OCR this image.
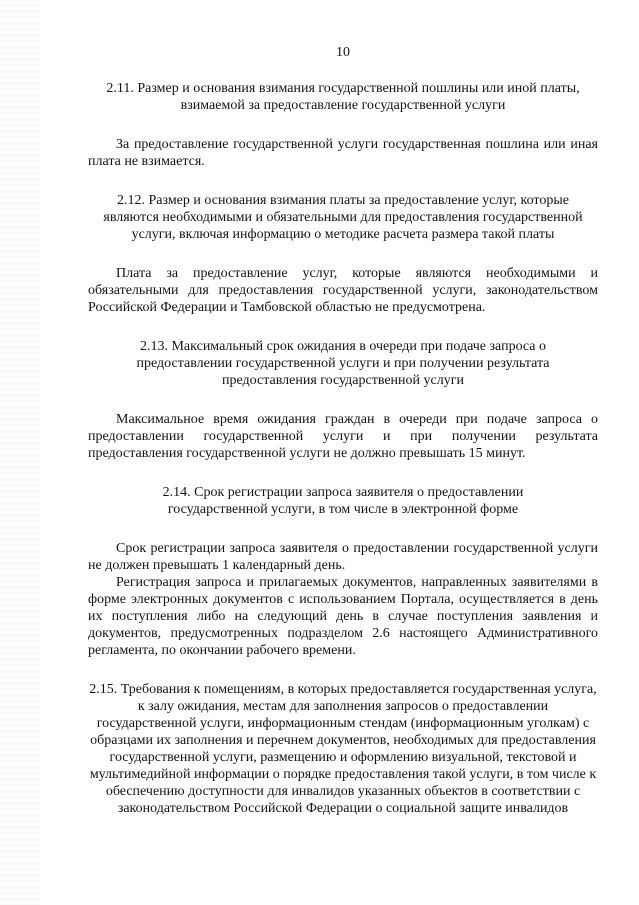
10
2.11. Размер и основания взимания государственной пошлины или иной платы, взимаемой за предоставление государственной услуги
За предоставление государственной услуги государственная пошлина или иная плата не взимается.
2.12. Размер и основания взимания платы за предоставление услуг, которые являются необходимыми и обязательными для предоставления государственной услуги, включая информацию о методике расчета размера такой платы
Плата за предоставление услуг, которые являются необходимыми и обязательными для предоставления государственной услуги, законодательством Российской Федерации и Тамбовской областью не предусмотрена.
2.13. Максимальный срок ожидания в очереди при подаче запроса о предоставлении государственной услуги и при получении результата предоставления государственной услуги
Максимальное время ожидания граждан в очереди при подаче запроса о предоставлении государственной услуги и при получении результата предоставления государственной услуги не должно превышать 15 минут.
2.14. Срок регистрации запроса заявителя о предоставлении государственной услуги, в том числе в электронной форме
Срок регистрации запроса заявителя о предоставлении государственной услуги не должен превышать 1 календарный день.
Регистрация запроса и прилагаемых документов, направленных заявителями в форме электронных документов с использованием Портала, осуществляется в день их поступления либо на следующий день в случае поступления заявления и документов, предусмотренных подразделом 2.6 настоящего Административного регламента, по окончании рабочего времени.
2.15. Требования к помещениям, в которых предоставляется государственная услуга, к залу ожидания, местам для заполнения запросов о предоставлении государственной услуги, информационным стендам (информационным уголкам) с образцами их заполнения и перечнем документов, необходимых для предоставления государственной услуги, размещению и оформлению визуальной, текстовой и мультимедийной информации о порядке предоставления такой услуги, в том числе к обеспечению доступности для инвалидов указанных объектов в соответствии с законодательством Российской Федерации о социальной защите инвалидов
